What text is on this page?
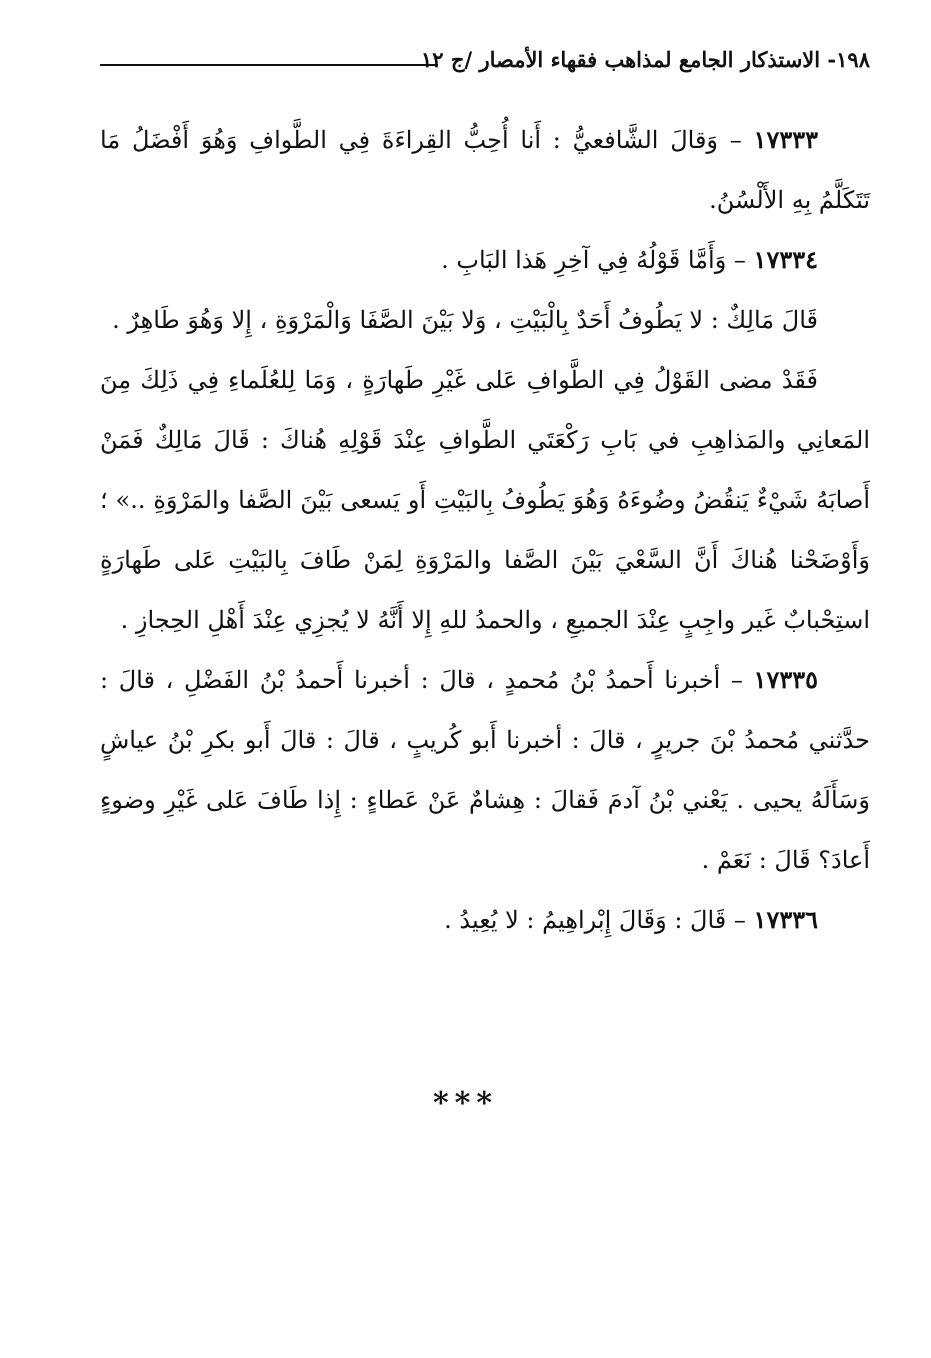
١٩٨- الاستذكار الجامع لمذاهب فقهاء الأمصار /ج ١٢

١٧٣٣٣ – وَقالَ الشَّافعيُّ : أَنا أُحِبُّ القِراءَةَ فِي الطَّوافِ وَهُوَ أَفْضَلُ مَا تَتَكَلَّمُ بِهِ الأَلْسُنُ.

١٧٣٣٤ – وَأَمَّا قَوْلُهُ فِي آخِرِ هَذا البَابِ .

قَالَ مَالِكٌ : لا يَطُوفُ أَحَدٌ بِالْبَيْتِ ، وَلا بَيْنَ الصَّفَا وَالْمَرْوَةِ ، إِلا وَهُوَ طَاهِرٌ .

فَقَدْ مضى القَوْلُ فِي الطَّوافِ عَلى غَيْرِ طَهارَةٍ ، وَمَا لِلعُلَماءِ فِي ذَلِكَ مِنَ المَعانِي والمَذاهِبِ في بَابِ رَكْعَتَي الطَّوافِ عِنْدَ قَوْلِهِ هُناكَ : قَالَ مَالِكٌ فَمَنْ أَصابَهُ شَيْءٌ يَنقُضُ وضُوءَهُ وَهُوَ يَطُوفُ بِالبَيْتِ أَو يَسعى بَيْنَ الصَّفا والمَرْوَةِ ..» ؛ وَأَوْضَحْنا هُناكَ أَنَّ السَّعْيَ بَيْنَ الصَّفا والمَرْوَةِ لِمَنْ طَافَ بِالبَيْتِ عَلى طَهارَةٍ استِحْبابٌ غَير واجِبٍ عِنْدَ الجميعِ ، والحمدُ للهِ إِلا أَنَّهُ لا يُجزِي عِنْدَ أَهْلِ الحِجازِ .

١٧٣٣٥ – أخبرنا أَحمدُ بْنُ مُحمدٍ ، قالَ : أخبرنا أَحمدُ بْنُ الفَضْلِ ، قالَ : حدَّثني مُحمدُ بْنَ جريرٍ ، قالَ : أخبرنا أَبو كُريبٍ ، قالَ : قالَ أَبو بكرِ بْنُ عياشٍ وَسَأَلَهُ يحيى . يَعْني بْنُ آدمَ فَقالَ : هِشامٌ عَنْ عَطاءٍ : إِذا طَافَ عَلى غَيْرِ وضوءٍ أَعادَ؟ قَالَ : نَعَمْ .

١٧٣٣٦ – قَالَ : وَقَالَ إِبْراهِيمُ : لا يُعِيدُ .

***
